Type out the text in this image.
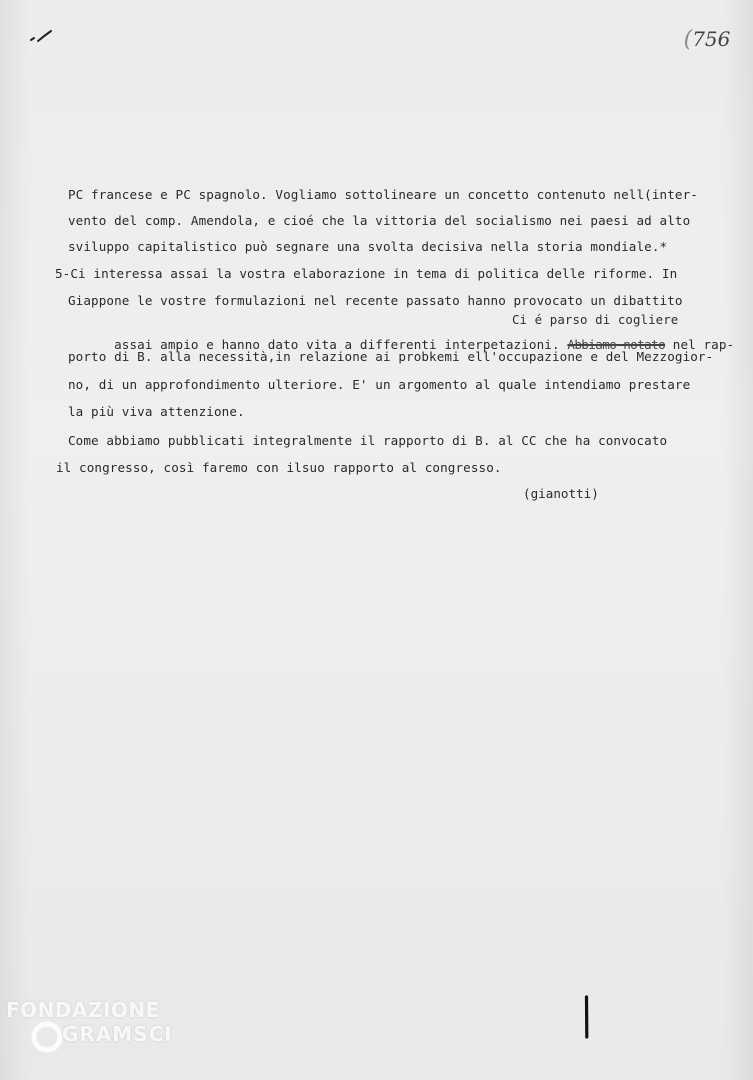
(756
PC francese e PC spagnolo. Vogliamo sottolineare un concetto contenuto nell(inter-
vento del comp. Amendola, e cioé che la vittoria del socialismo nei paesi ad alto
sviluppo capitalistico può segnare una svolta decisiva nella storia mondiale.*
5-Ci interessa assai la vostra elaborazione in tema di politica delle riforme. In
Giappone le vostre formulazioni nel recente passato hanno provocato un dibattito
Ci é parso di cogliere

assai ampio e hanno dato vita a differenti interpetazioni. Abbiamo notato nel rap-

porto di B. alla necessità,in relazione ai probkemi ell'occupazione e del Mezzogior-
no, di un approfondimento ulteriore. E' un argomento al quale intendiamo prestare
la più viva attenzione.
Come abbiamo pubblicati integralmente il rapporto di B. al CC che ha convocato
il congresso, così faremo con ilsuo rapporto al congresso.
(gianotti)
FONDAZIONE
GRAMSCI
